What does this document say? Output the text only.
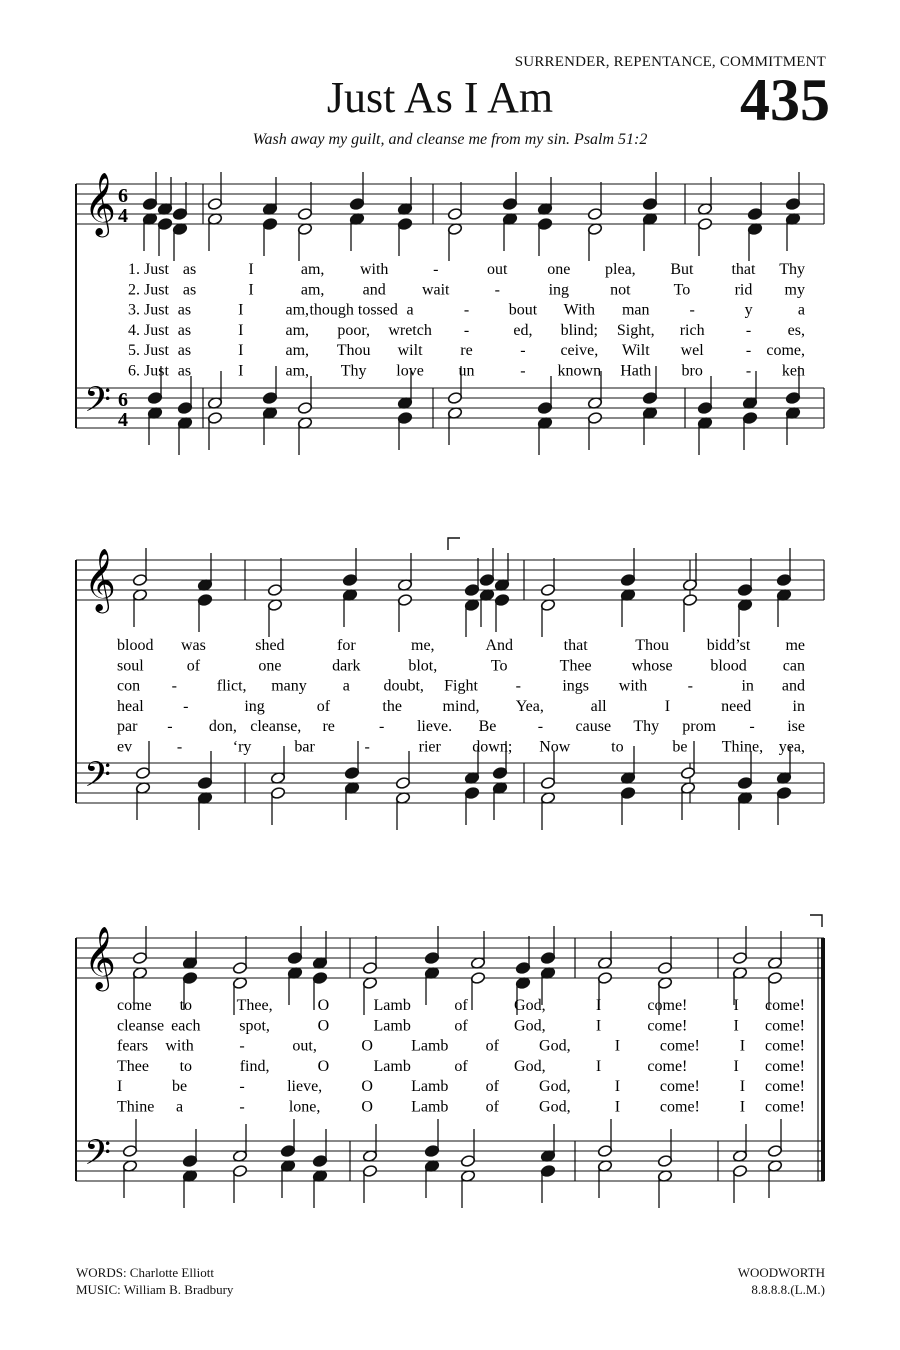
SURRENDER, REPENTANCE, COMMITMENT
Just As I Am	435
Wash away my guilt, and cleanse me from my sin. Psalm 51:2
𝄞
𝄢
6
4
6
4
1. Just as	I	am, with	-	out one plea, But that Thy
2. Just as	I	am, and wait	-	ing	not	To	rid my
3. Just as	I	am, though tossed a	- bout With man -	y	a
4. Just as	I	am, poor, wretch -	ed, blind; Sight, rich	- es,
5. Just as	I	am, Thou wilt re	- ceive, Wilt wel	- come,
6. Just as	I	am, Thy love un	- known Hath bro	- ken
𝄞
𝄢
blood was	shed	for	me,	And	that	Thou bidd’st me
soul	of	one	dark	blot,	To	Thee	whose blood can
con - flict, many a doubt, Fight -	ings with	-	in and
heal -	ing	of	the	mind, Yea,	all	I	need	in
par - don, cleanse, re	- lieve. Be	- cause Thy prom - ise
ev	-	‘ry	bar	-	rier down; Now	to	be Thine, yea,
𝄞
𝄢
come to	Thee,	O	Lamb	of	God,	I	come!	I come!
cleanse each spot,	O	Lamb	of	God,	I	come!	I come!
fears with	-	out,	O Lamb of	God,	I come! I come!
Thee to	find,	O	Lamb	of	God,	I	come!	I come!
I	be	-	lieve, O Lamb of	God,	I come! I come!
Thine a	-	lone,	O Lamb of	God,	I come! I come!
WORDS: Charlotte Elliott
MUSIC: William B. Bradbury
WOODWORTH
8.8.8.8.(L.M.)
